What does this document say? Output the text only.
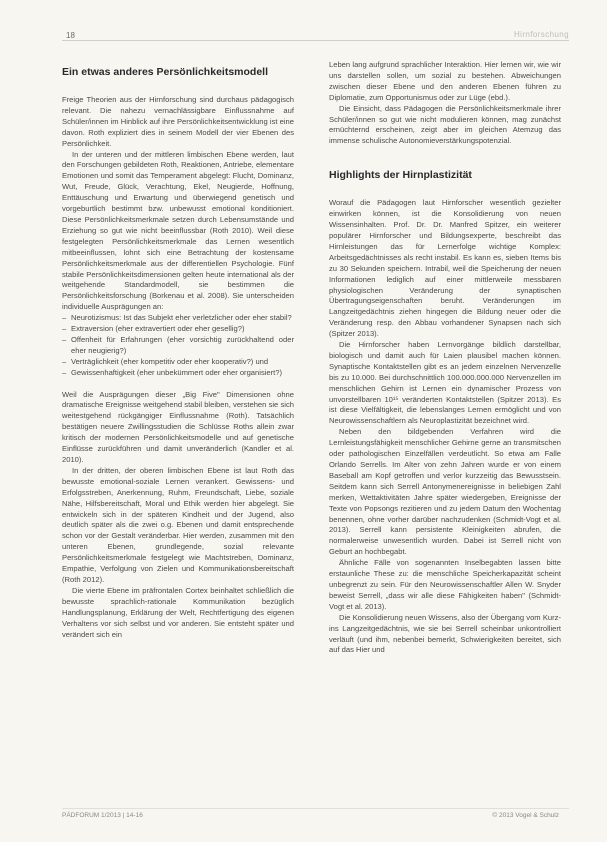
18	Hirnforschung
Ein etwas anderes Persönlichkeitsmodell

Freige Theorien aus der Hirnforschung sind durchaus pädagogisch relevant. Die nahezu vernachlässigbare Einflussnahme auf Schüler/innen im Hinblick auf ihre Persönlichkeitsentwicklung ist eine davon. Roth expliziert dies in seinem Modell der vier Ebenen des Persönlichkeit.

In der unteren und der mittleren limbischen Ebene werden, laut den Forschungen gebildeten Roth, Reaktionen, Antriebe, elementare Emotionen und somit das Temperament abgelegt: Flucht, Dominanz, Wut, Freude, Glück, Verachtung, Ekel, Neugierde, Hoffnung, Enttäuschung und Erwartung und überwiegend genetisch und vorgeburtlich bestimmt bzw. unbewusst emotional konditioniert. Diese Persönlichkeitsmerkmale setzen durch Lebensumstände und Erziehung so gut wie nicht beeinflussbar (Roth 2010). Weil diese festgelegten Persönlichkeitsmerkmale das Lernen wesentlich mitbeeinflussen, lohnt sich eine Betrachtung der kostensame Persönlichkeitsmerkmale aus der differentiellen Psychologie. Fünf stabile Persönlichkeitsdimensionen gelten heute international als der weitgehende Standardmodell, sie bestimmen die Persönlichkeitsforschung (Borkenau et al. 2008). Sie unterscheiden individuelle Ausprägungen an:

– Neurotizismus: Ist das Subjekt eher verletzlicher oder eher stabil?
– Extraversion (eher extravertiert oder eher gesellig?)
– Offenheit für Erfahrungen (eher vorsichtig zurückhaltend oder eher neugierig?)
– Verträglichkeit (eher kompetitiv oder eher kooperativ?) und
– Gewissenhaftigkeit (eher unbekümmert oder eher organisiert?)

Weil die Ausprägungen dieser „Big Five" Dimensionen ohne dramatische Ereignisse weitgehend stabil bleiben, verstehen sie sich weitestgehend rückgängiger Einflussnahme (Roth). Tatsächlich bestätigen neuere Zwillingsstudien die Schlüsse Roths allein zwar kritisch der modernen Persönlichkeitsmodelle und auf genetische Einflüsse zurückführen und damit unveränderlich (Kandler et al. 2010).

In der dritten, der oberen limbischen Ebene ist laut Roth das bewusste emotional-soziale Lernen verankert. Gewissens- und Erfolgsstreben, Anerkennung, Ruhm, Freundschaft, Liebe, soziale Nähe, Hilfsbereitschaft, Moral und Ethik werden hier abgelegt. Sie entwickeln sich in der späteren Kindheit und der Jugend, also deutlich später als die zwei o.g. Ebenen und damit entsprechende schon vor der Gestalt veränderbar. Hier werden, zusammen mit den unteren Ebenen, grundlegende, sozial relevante Persönlichkeitsmerkmale festgelegt wie Machtstreben, Dominanz, Empathie, Verfolgung von Zielen und Kommunikationsbereitschaft (Roth 2012).

Die vierte Ebene im präfrontalen Cortex beinhaltet schließlich die bewusste sprachlich-rationale Kommunikation bezüglich Handlungsplanung, Erklärung der Welt, Rechtfertigung des eigenen Verhaltens vor sich selbst und vor anderen. Sie entsteht später und verändert sich ein

Leben lang aufgrund sprachlicher Interaktion. Hier lernen wir, wie wir uns darstellen sollen, um sozial zu bestehen. Abweichungen zwischen dieser Ebene und den anderen Ebenen führen zu Diplomatie, zum Opportunismus oder zur Lüge (ebd.).

Die Einsicht, dass Pädagogen die Persönlichkeitsmerkmale ihrer Schüler/innen so gut wie nicht modulieren können, mag zunächst ernüchternd erscheinen, zeigt aber im gleichen Atemzug das immense schulische Autonomieverstärkungspotenzial.

Highlights der Hirnplastizität

Worauf die Pädagogen laut Hirnforscher wesentlich gezielter einwirken können, ist die Konsolidierung von neuen Wissensinhalten. Prof. Dr. Dr. Manfred Spitzer, ein weiterer populärer Hirnforscher und Bildungsexperte, beschreibt das Hirnleistungen das für Lernerfolge wichtige Komplex: Arbeitsgedächtnisses als recht instabil. Es kann es, sieben Items bis zu 30 Sekunden speichern. Intrabil, weil die Speicherung der neuen Informationen lediglich auf einer mittlerweile messbaren physiologischen Veränderung der synaptischen Übertragungseigenschaften beruht. Veränderungen im Langzeitgedächtnis ziehen hingegen die Bildung neuer oder die Veränderung resp. den Abbau vorhandener Synapsen nach sich (Spitzer 2013).

Die Hirnforscher haben Lernvorgänge bildlich darstellbar, biologisch und damit auch für Laien plausibel machen können. Synaptische Kontaktstellen gibt es an jedem einzelnen Nervenzelle bis zu 10.000. Bei durchschnittlich 100.000.000.000 Nervenzellen im menschlichen Gehirn ist Lernen ein dynamischer Prozess von unvorstellbaren 10¹⁵ veränderten Kontaktstellen (Spitzer 2013). Es ist diese Vielfältigkeit, die lebenslanges Lernen ermöglicht und von Neurowissenschaftlern als Neuroplastizität bezeichnet wird.

Neben den bildgebenden Verfahren wird die Lernleistungsfähigkeit menschlicher Gehirne gerne an transmitschen oder pathologischen Einzelfällen verdeutlicht. So etwa am Falle Orlando Serrells. Im Alter von zehn Jahren wurde er von einem Baseball am Kopf getroffen und verlor kurzzeitig das Bewusstsein. Seitdem kann sich Serrell Antonymenereignisse in beliebigen Zahl merken, Wettaktivitäten Jahre später wiedergeben, Ereignisse der Texte von Popsongs rezitieren und zu jedem Datum den Wochentag benennen, ohne vorher darüber nachzudenken (Schmidt-Vogt et al. 2013). Serrell kann persistente Kleinigkeiten abrufen, die normalerweise unwesentlich wurden. Dabei ist Serrell nicht von Geburt an hochbegabt.

Ähnliche Fälle von sogenannten Inselbegabten lassen bitte erstaunliche These zu: die menschliche Speicherkapazität scheint unbegrenzt zu sein. Für den Neurowissenschaftler Allen W. Snyder beweist Serrell, „dass wir alle diese Fähigkeiten haben" (Schmidt-Vogt et al. 2013).

Die Konsolidierung neuen Wissens, also der Übergang vom Kurz- ins Langzeitgedächtnis, wie sie bei Serrell scheinbar unkontrolliert verläuft (und ihm, nebenbei bemerkt, Schwierigkeiten bereitet, sich auf das Hier und

PÄDFORUM 1/2013 | 14-16	© 2013 Vogel & Schulz
